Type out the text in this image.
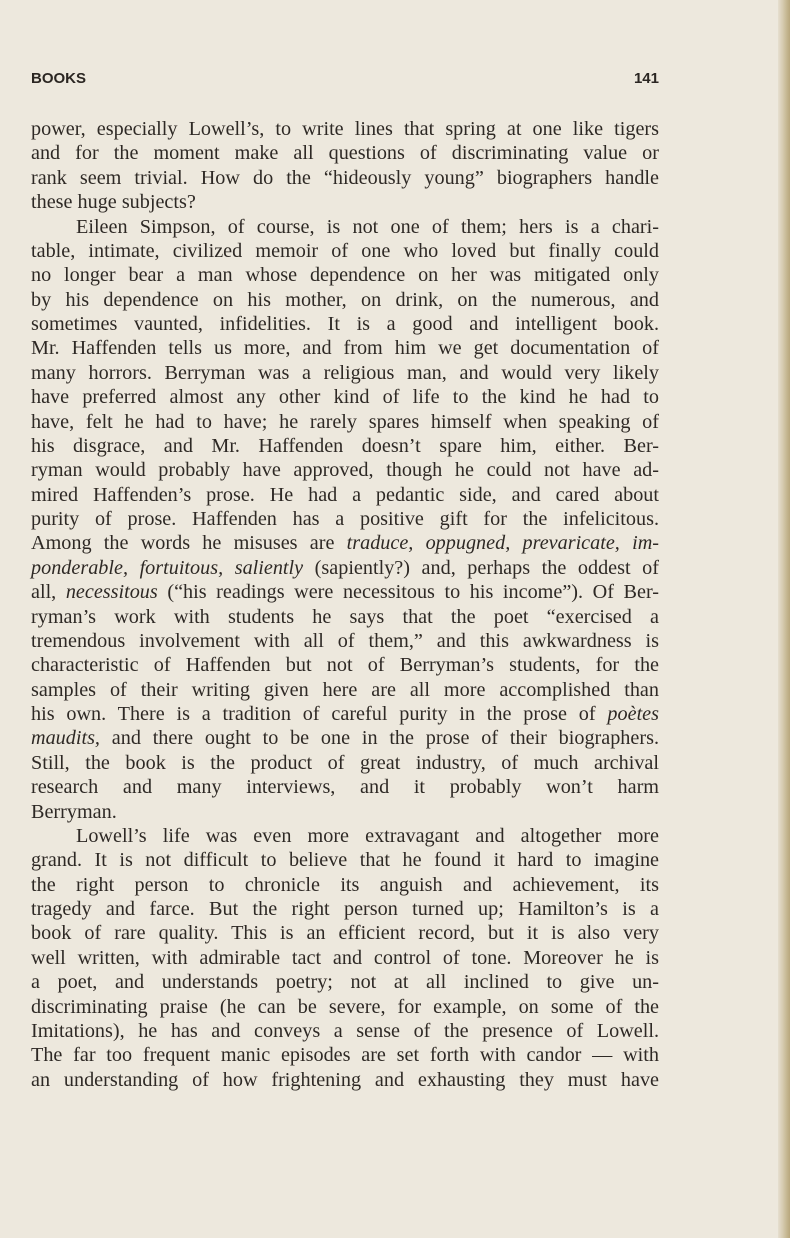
BOOKS	141
power, especially Lowell’s, to write lines that spring at one like tigers
and for the moment make all questions of discriminating value or
rank seem trivial. How do the “hideously young” biographers handle
these huge subjects?
Eileen Simpson, of course, is not one of them; hers is a chari-
table, intimate, civilized memoir of one who loved but finally could
no longer bear a man whose dependence on her was mitigated only
by his dependence on his mother, on drink, on the numerous, and
sometimes vaunted, infidelities. It is a good and intelligent book.
Mr. Haffenden tells us more, and from him we get documentation of
many horrors. Berryman was a religious man, and would very likely
have preferred almost any other kind of life to the kind he had to
have, felt he had to have; he rarely spares himself when speaking of
his disgrace, and Mr. Haffenden doesn’t spare him, either. Ber-
ryman would probably have approved, though he could not have ad-
mired Haffenden’s prose. He had a pedantic side, and cared about
purity of prose. Haffenden has a positive gift for the infelicitous.
Among the words he misuses are traduce, oppugned, prevaricate, im-
ponderable, fortuitous, saliently (sapiently?) and, perhaps the oddest of
all, necessitous (“his readings were necessitous to his income”). Of Ber-
ryman’s work with students he says that the poet “exercised a
tremendous involvement with all of them,” and this awkwardness is
characteristic of Haffenden but not of Berryman’s students, for the
samples of their writing given here are all more accomplished than
his own. There is a tradition of careful purity in the prose of poètes
maudits, and there ought to be one in the prose of their biographers.
Still, the book is the product of great industry, of much archival
research and many interviews, and it probably won’t harm
Berryman.
Lowell’s life was even more extravagant and altogether more
grand. It is not difficult to believe that he found it hard to imagine
the right person to chronicle its anguish and achievement, its
tragedy and farce. But the right person turned up; Hamilton’s is a
book of rare quality. This is an efficient record, but it is also very
well written, with admirable tact and control of tone. Moreover he is
a poet, and understands poetry; not at all inclined to give un-
discriminating praise (he can be severe, for example, on some of the
Imitations), he has and conveys a sense of the presence of Lowell.
The far too frequent manic episodes are set forth with candor — with
an understanding of how frightening and exhausting they must have
